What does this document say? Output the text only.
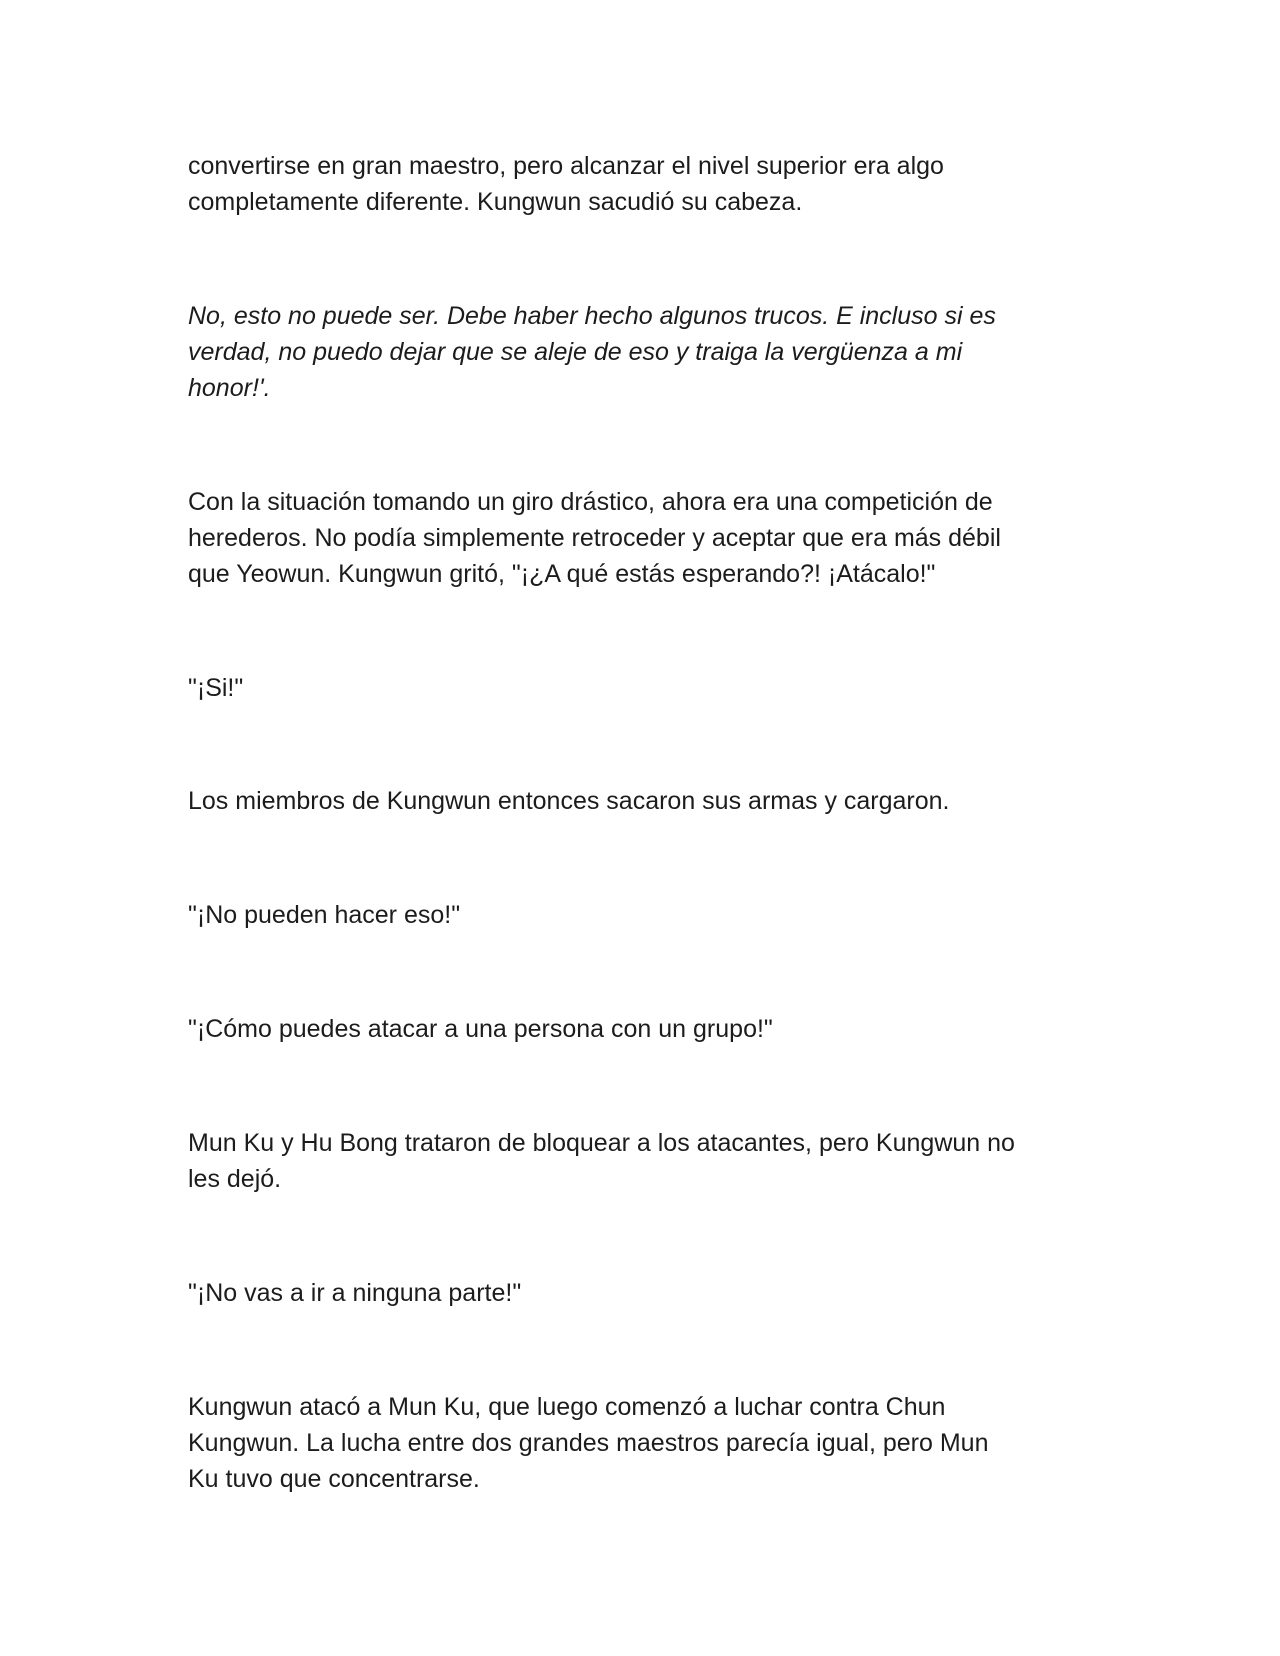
convertirse en gran maestro, pero alcanzar el nivel superior era algo
completamente diferente. Kungwun sacudió su cabeza.

No, esto no puede ser. Debe haber hecho algunos trucos. E incluso si es
verdad, no puedo dejar que se aleje de eso y traiga la vergüenza a mi
honor!'.

Con la situación tomando un giro drástico, ahora era una competición de
herederos. No podía simplemente retroceder y aceptar que era más débil
que Yeowun. Kungwun gritó, "¡¿A qué estás esperando?! ¡Atácalo!"

"¡Si!"

Los miembros de Kungwun entonces sacaron sus armas y cargaron.

"¡No pueden hacer eso!"

"¡Cómo puedes atacar a una persona con un grupo!"

Mun Ku y Hu Bong trataron de bloquear a los atacantes, pero Kungwun no
les dejó.

"¡No vas a ir a ninguna parte!"

Kungwun atacó a Mun Ku, que luego comenzó a luchar contra Chun
Kungwun. La lucha entre dos grandes maestros parecía igual, pero Mun
Ku tuvo que concentrarse.
